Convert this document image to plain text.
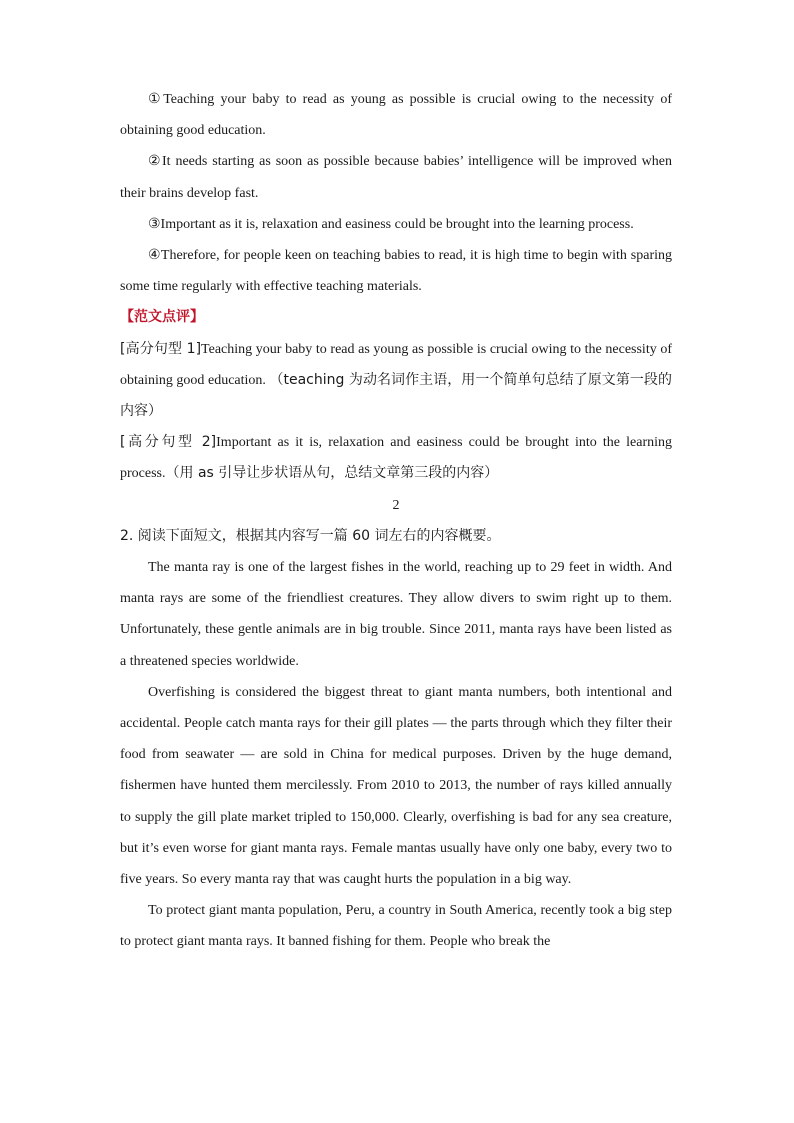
①Teaching your baby to read as young as possible is crucial owing to the necessity of obtaining good education.

②It needs starting as soon as possible because babies’ intelligence will be improved when their brains develop fast.

③Important as it is, relaxation and easiness could be brought into the learning process.

④Therefore, for people keen on teaching babies to read, it is high time to begin with sparing some time regularly with effective teaching materials.

【范文点评】

[高分句型 1]Teaching your baby to read as young as possible is crucial owing to the necessity of obtaining good education. （teaching 为动名词作主语，用一个简单句总结了原文第一段的内容）

[高分句型 2]Important as it is, relaxation and easiness could be brought into the learning process.（用 as 引导让步状语从句，总结文章第三段的内容）

2

2. 阅读下面短文，根据其内容写一篇 60 词左右的内容概要。

The manta ray is one of the largest fishes in the world, reaching up to 29 feet in width. And manta rays are some of the friendliest creatures. They allow divers to swim right up to them. Unfortunately, these gentle animals are in big trouble. Since 2011, manta rays have been listed as a threatened species worldwide.

Overfishing is considered the biggest threat to giant manta numbers, both intentional and accidental. People catch manta rays for their gill plates — the parts through which they filter their food from seawater — are sold in China for medical purposes. Driven by the huge demand, fishermen have hunted them mercilessly. From 2010 to 2013, the number of rays killed annually to supply the gill plate market tripled to 150,000. Clearly, overfishing is bad for any sea creature, but it’s even worse for giant manta rays. Female mantas usually have only one baby, every two to five years. So every manta ray that was caught hurts the population in a big way.

To protect giant manta population, Peru, a country in South America, recently took a big step to protect giant manta rays. It banned fishing for them. People who break the
